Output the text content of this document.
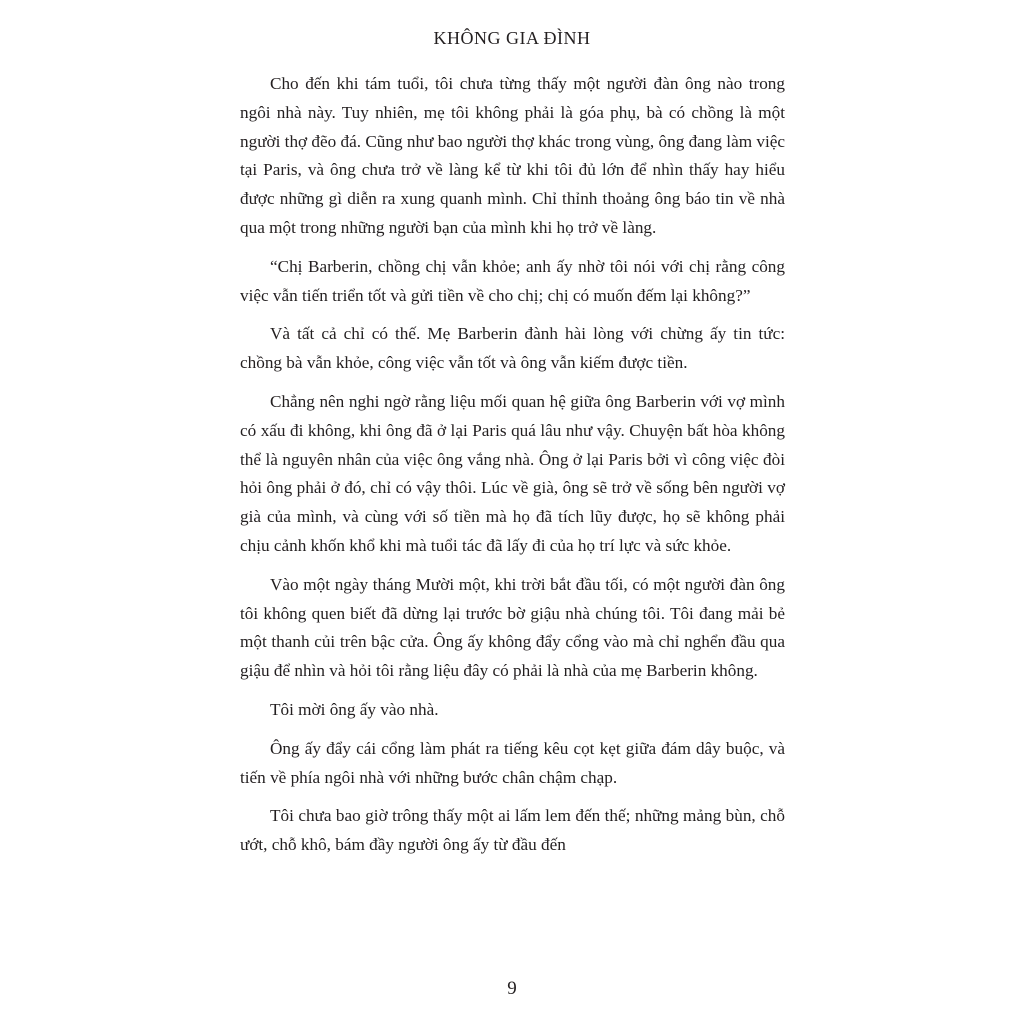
KHÔNG GIA ĐÌNH

Cho đến khi tám tuổi, tôi chưa từng thấy một người đàn ông nào trong ngôi nhà này. Tuy nhiên, mẹ tôi không phải là góa phụ, bà có chồng là một người thợ đẽo đá. Cũng như bao người thợ khác trong vùng, ông đang làm việc tại Paris, và ông chưa trở về làng kể từ khi tôi đủ lớn để nhìn thấy hay hiểu được những gì diễn ra xung quanh mình. Chỉ thỉnh thoảng ông báo tin về nhà qua một trong những người bạn của mình khi họ trở về làng.

“Chị Barberin, chồng chị vẫn khỏe; anh ấy nhờ tôi nói với chị rằng công việc vẫn tiến triển tốt và gửi tiền về cho chị; chị có muốn đếm lại không?”

Và tất cả chỉ có thế. Mẹ Barberin đành hài lòng với chừng ấy tin tức: chồng bà vẫn khỏe, công việc vẫn tốt và ông vẫn kiếm được tiền.

Chẳng nên nghi ngờ rằng liệu mối quan hệ giữa ông Barberin với vợ mình có xấu đi không, khi ông đã ở lại Paris quá lâu như vậy. Chuyện bất hòa không thể là nguyên nhân của việc ông vắng nhà. Ông ở lại Paris bởi vì công việc đòi hỏi ông phải ở đó, chỉ có vậy thôi. Lúc về già, ông sẽ trở về sống bên người vợ già của mình, và cùng với số tiền mà họ đã tích lũy được, họ sẽ không phải chịu cảnh khốn khổ khi mà tuổi tác đã lấy đi của họ trí lực và sức khỏe.

Vào một ngày tháng Mười một, khi trời bắt đầu tối, có một người đàn ông tôi không quen biết đã dừng lại trước bờ giậu nhà chúng tôi. Tôi đang mải bẻ một thanh củi trên bậc cửa. Ông ấy không đẩy cổng vào mà chỉ nghển đầu qua giậu để nhìn và hỏi tôi rằng liệu đây có phải là nhà của mẹ Barberin không.

Tôi mời ông ấy vào nhà.

Ông ấy đẩy cái cổng làm phát ra tiếng kêu cọt kẹt giữa đám dây buộc, và tiến về phía ngôi nhà với những bước chân chậm chạp.

Tôi chưa bao giờ trông thấy một ai lấm lem đến thế; những mảng bùn, chỗ ướt, chỗ khô, bám đầy người ông ấy từ đầu đến

9
